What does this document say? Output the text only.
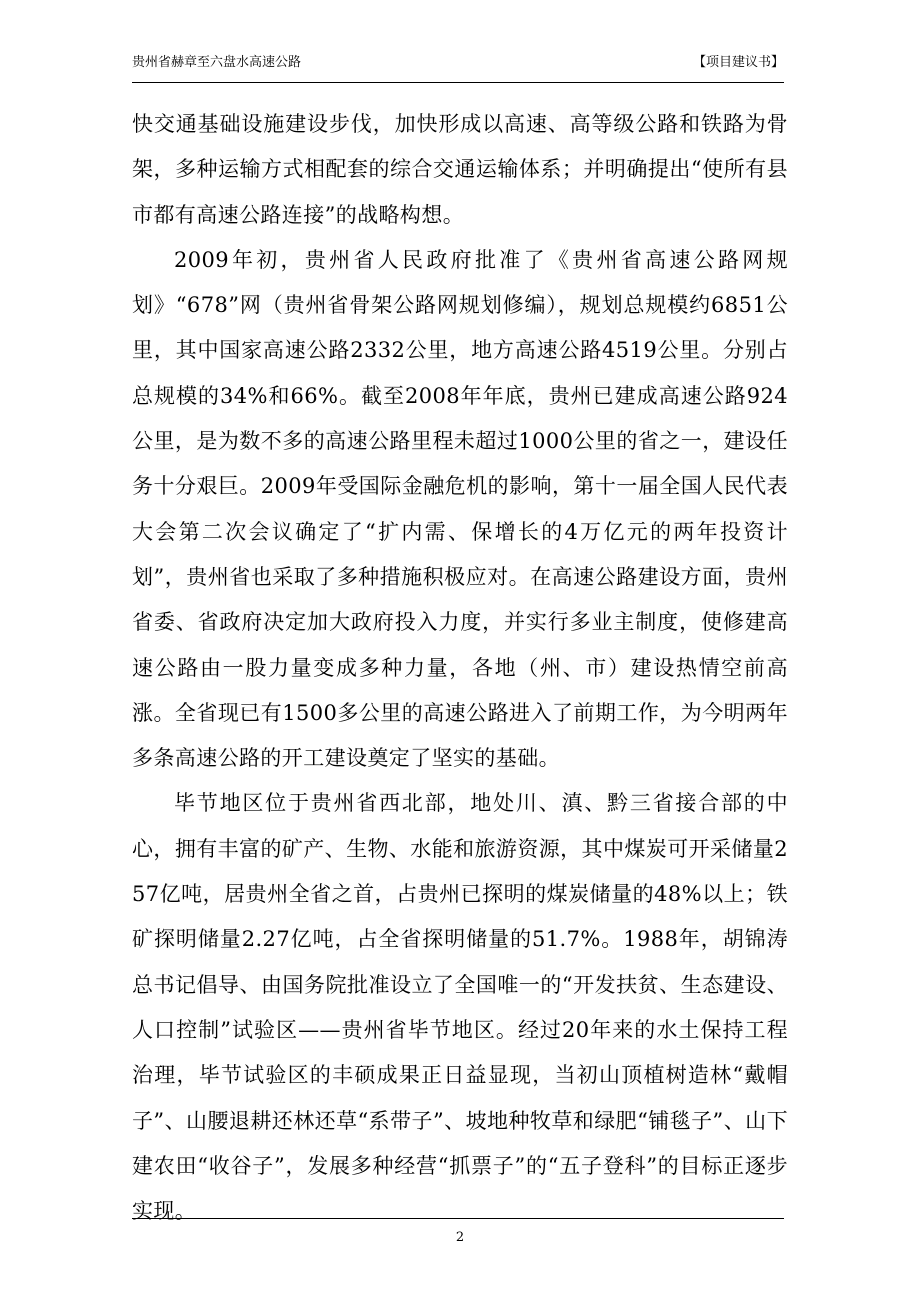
贵州省赫章至六盘水高速公路	【项目建议书】

快交通基础设施建设步伐，加快形成以高速、高等级公路和铁路为骨架，多种运输方式相配套的综合交通运输体系；并明确提出“使所有县市都有高速公路连接”的战略构想。

2009年初，贵州省人民政府批准了《贵州省高速公路网规划》“678”网（贵州省骨架公路网规划修编），规划总规模约6851公里，其中国家高速公路2332公里，地方高速公路4519公里。分别占总规模的34%和66%。截至2008年年底，贵州已建成高速公路924公里，是为数不多的高速公路里程未超过1000公里的省之一，建设任务十分艰巨。2009年受国际金融危机的影响，第十一届全国人民代表大会第二次会议确定了“扩内需、保增长的4万亿元的两年投资计划”，贵州省也采取了多种措施积极应对。在高速公路建设方面，贵州省委、省政府决定加大政府投入力度，并实行多业主制度，使修建高速公路由一股力量变成多种力量，各地（州、市）建设热情空前高涨。全省现已有1500多公里的高速公路进入了前期工作，为今明两年多条高速公路的开工建设奠定了坚实的基础。

毕节地区位于贵州省西北部，地处川、滇、黔三省接合部的中心，拥有丰富的矿产、生物、水能和旅游资源，其中煤炭可开采储量257亿吨，居贵州全省之首，占贵州已探明的煤炭储量的48%以上；铁矿探明储量2.27亿吨，占全省探明储量的51.7%。1988年，胡锦涛总书记倡导、由国务院批准设立了全国唯一的“开发扶贫、生态建设、人口控制”试验区——贵州省毕节地区。经过20年来的水土保持工程治理，毕节试验区的丰硕成果正日益显现，当初山顶植树造林“戴帽子”、山腰退耕还林还草“系带子”、坡地种牧草和绿肥“铺毯子”、山下建农田“收谷子”，发展多种经营“抓票子”的“五子登科”的目标正逐步实现。

2
